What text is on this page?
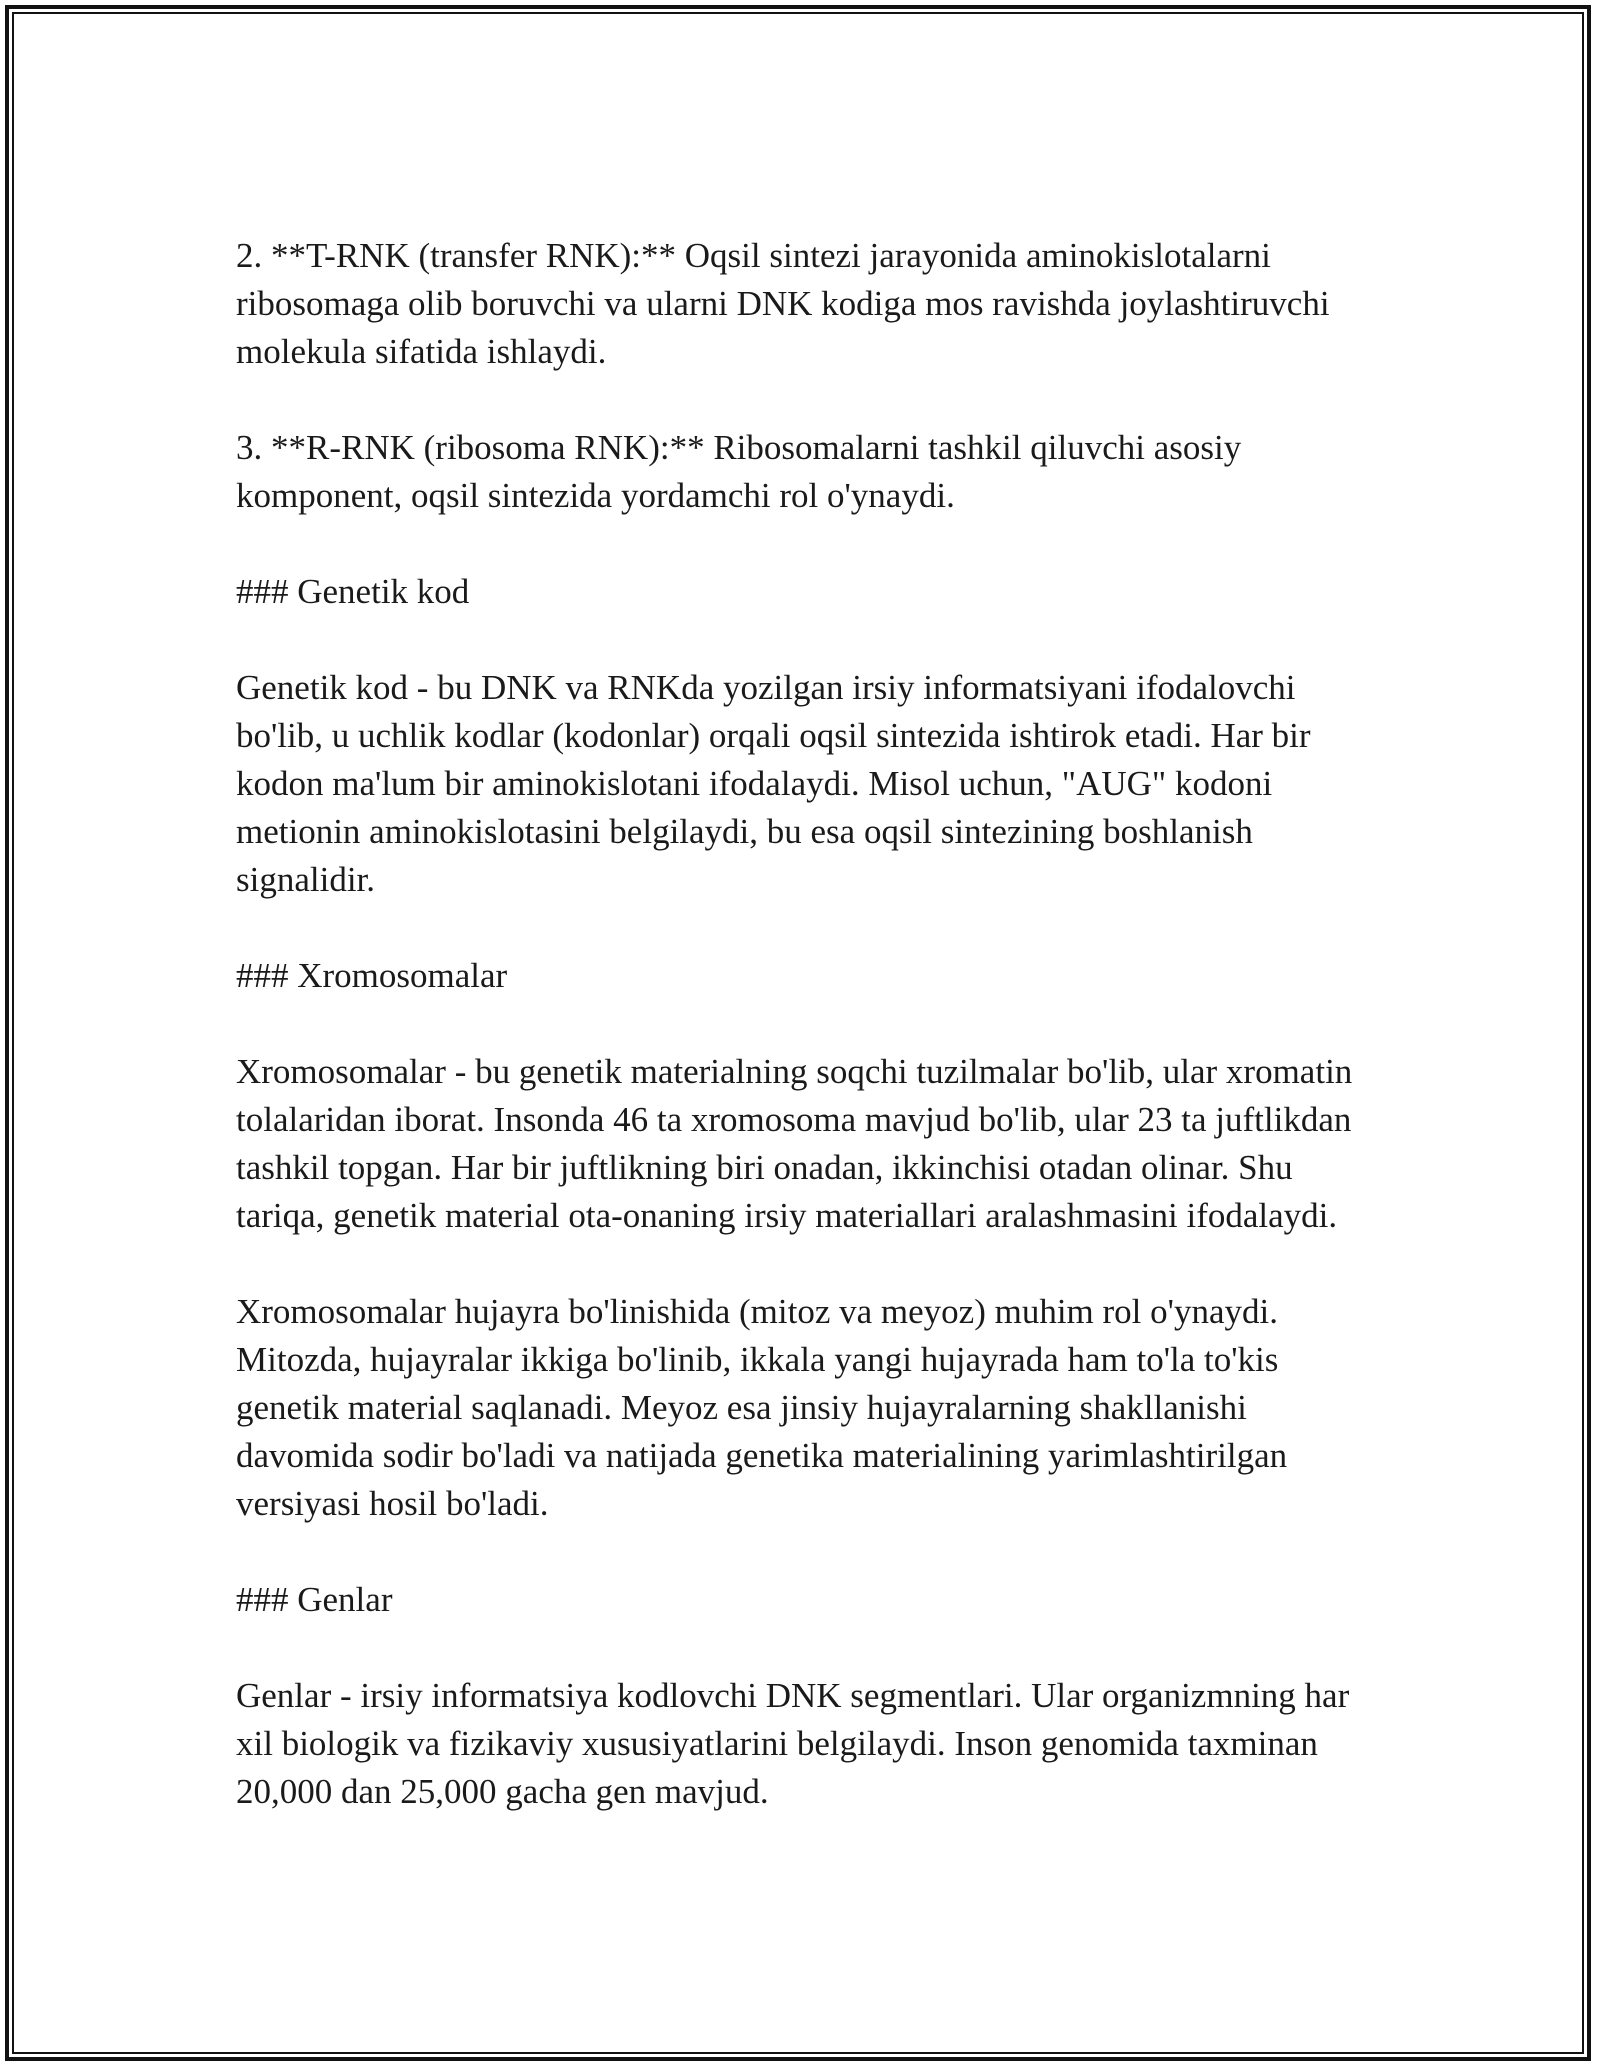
2. **T-RNK (transfer RNK):** Oqsil sintezi jarayonida aminokislotalarni ribosomaga olib boruvchi va ularni DNK kodiga mos ravishda joylashtiruvchi molekula sifatida ishlaydi.

3. **R-RNK (ribosoma RNK):** Ribosomalarni tashkil qiluvchi asosiy komponent, oqsil sintezida yordamchi rol o'ynaydi.

### Genetik kod

Genetik kod - bu DNK va RNKda yozilgan irsiy informatsiyani ifodalovchi bo'lib, u uchlik kodlar (kodonlar) orqali oqsil sintezida ishtirok etadi. Har bir kodon ma'lum bir aminokislotani ifodalaydi. Misol uchun, "AUG" kodoni metionin aminokislotasini belgilaydi, bu esa oqsil sintezining boshlanish signalidir.

### Xromosomalar

Xromosomalar - bu genetik materialning soqchi tuzilmalar bo'lib, ular xromatin tolalaridan iborat. Insonda 46 ta xromosoma mavjud bo'lib, ular 23 ta juftlikdan tashkil topgan. Har bir juftlikning biri onadan, ikkinchisi otadan olinar. Shu tariqa, genetik material ota-onaning irsiy materiallari aralashmasini ifodalaydi.

Xromosomalar hujayra bo'linishida (mitoz va meyoz) muhim rol o'ynaydi. Mitozda, hujayralar ikkiga bo'linib, ikkala yangi hujayrada ham to'la to'kis genetik material saqlanadi. Meyoz esa jinsiy hujayralarning shakllanishi davomida sodir bo'ladi va natijada genetika materialining yarimlashtirilgan versiyasi hosil bo'ladi.

### Genlar

Genlar - irsiy informatsiya kodlovchi DNK segmentlari. Ular organizmning har xil biologik va fizikaviy xususiyatlarini belgilaydi. Inson genomida taxminan 20,000 dan 25,000 gacha gen mavjud.
